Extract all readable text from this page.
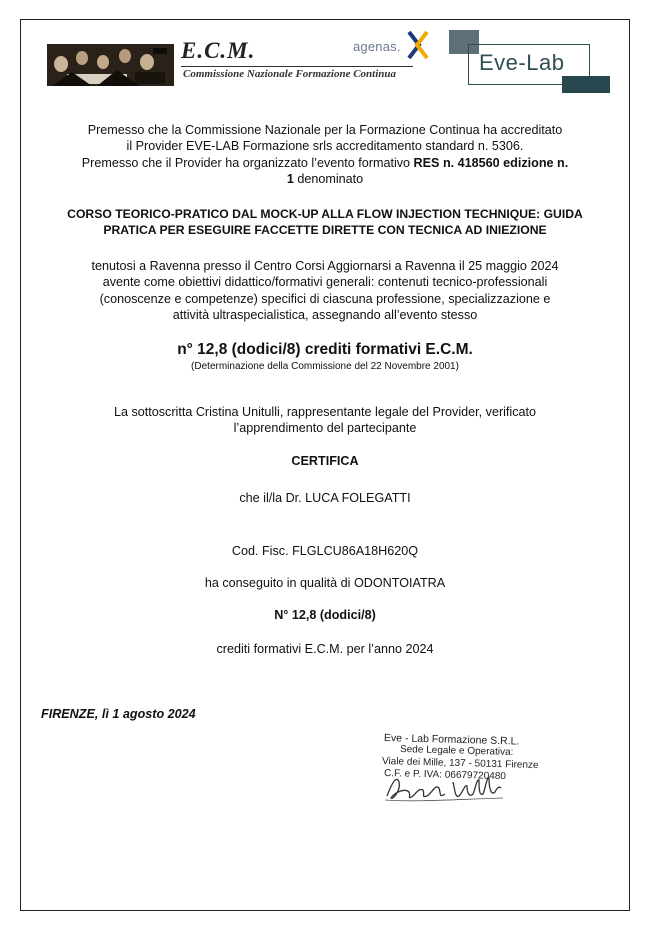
E.C.M.
Commissione Nazionale Formazione Continua
agenas.
Eve-Lab
Premesso che la Commissione Nazionale per la Formazione Continua ha accreditato
il Provider EVE-LAB Formazione srls accreditamento standard n. 5306.
Premesso che il Provider ha organizzato l’evento formativo RES n. 418560 edizione n.
1 denominato
CORSO TEORICO-PRATICO DAL MOCK-UP ALLA FLOW INJECTION TECHNIQUE: GUIDA
PRATICA PER ESEGUIRE FACCETTE DIRETTE CON TECNICA AD INIEZIONE
tenutosi a Ravenna presso il Centro Corsi Aggiornarsi a Ravenna il 25 maggio 2024
avente come obiettivi didattico/formativi generali: contenuti tecnico-professionali
(conoscenze e competenze) specifici di ciascuna professione, specializzazione e
attività ultraspecialistica, assegnando all’evento stesso
n° 12,8 (dodici/8) crediti formativi E.C.M.
(Determinazione della Commissione del 22 Novembre 2001)
La sottoscritta Cristina Unitulli, rappresentante legale del Provider, verificato
l’apprendimento del partecipante
CERTIFICA
che il/la Dr. LUCA FOLEGATTI
Cod. Fisc. FLGLCU86A18H620Q
ha conseguito in qualità di ODONTOIATRA
N° 12,8 (dodici/8)
crediti formativi E.C.M. per l’anno 2024
FIRENZE, lì 1 agosto 2024
Eve - Lab Formazione S.R.L.
Sede Legale e Operativa:
Viale dei Mille, 137 - 50131 Firenze
C.F. e P. IVA: 06679720480
